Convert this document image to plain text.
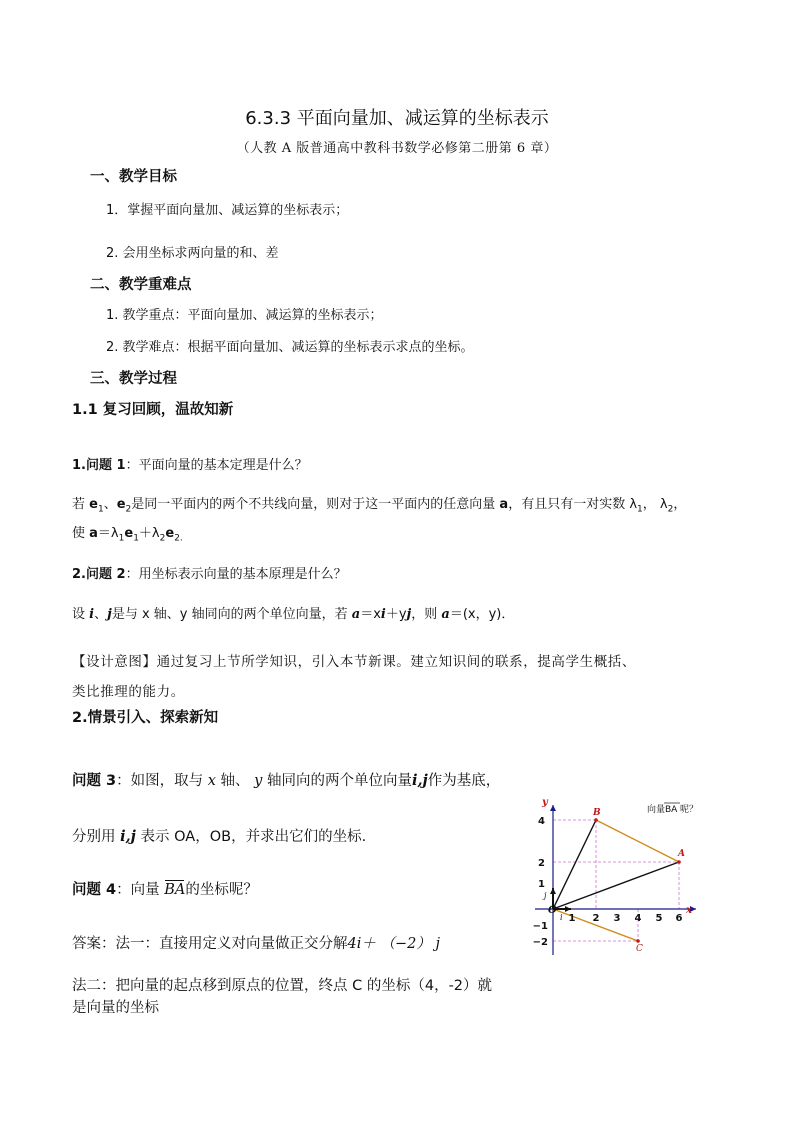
6.3.3 平面向量加、减运算的坐标表示
（人教 A 版普通高中教科书数学必修第二册第 6 章）
一、教学目标
1．掌握平面向量加、减运算的坐标表示；
2. 会用坐标求两向量的和、差
二、教学重难点
1. 教学重点：平面向量加、减运算的坐标表示；
2. 教学难点：根据平面向量加、减运算的坐标表示求点的坐标。
三、教学过程
1.1 复习回顾，温故知新
1.问题 1：平面向量的基本定理是什么？
若 $e_1$、$e_2$是同一平面内的两个不共线向量，则对于这一平面内的任意向量 a，有且只有一对实数 $\lambda_1$， $\lambda_2$，
使 $a=\lambda_1e_1+\lambda_2e_{2.}$
2.问题 2：用坐标表示向量的基本原理是什么？
设 i、j是与 x 轴、y 轴同向的两个单位向量，若 a＝xi＋yj，则 a＝(x，y)．
【设计意图】通过复习上节所学知识，引入本节新课。建立知识间的联系，提高学生概括、
类比推理的能力。
2.情景引入、探索新知
问题 3：如图，取与 x 轴、 y 轴同向的两个单位向量i,j作为基底，
分别用 i,j 表示 OA，OB，并求出它们的坐标.
问题 4：向量
BA的坐标呢？
答案：法一：直接用定义对向量做正交分解4i＋ （−2） j
法二：把向量的起点移到原点的位置，终点 C 的坐标（4，-2）就
是向量的坐标
y
x
O
i
j
1 2 3 4 5 6
4
2
1
−1
−2
B
A
C
向量 BA 呢？
